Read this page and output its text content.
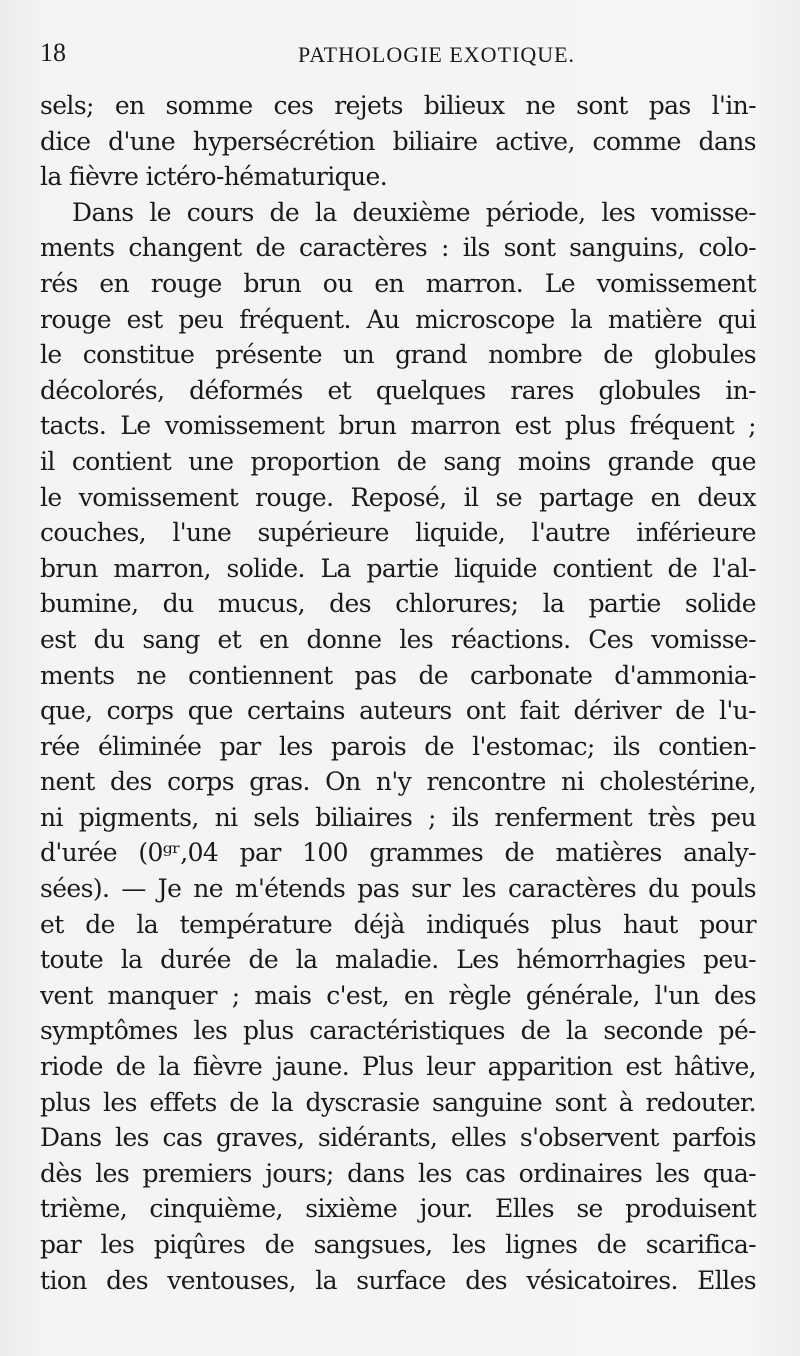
18	PATHOLOGIE EXOTIQUE.
sels; en somme ces rejets bilieux ne sont pas l'in-
dice d'une hypersécrétion biliaire active, comme dans
la fièvre ictéro-hématurique.
Dans le cours de la deuxième période, les vomisse-
ments changent de caractères : ils sont sanguins, colo-
rés en rouge brun ou en marron. Le vomissement
rouge est peu fréquent. Au microscope la matière qui
le constitue présente un grand nombre de globules
décolorés, déformés et quelques rares globules in-
tacts. Le vomissement brun marron est plus fréquent ;
il contient une proportion de sang moins grande que
le vomissement rouge. Reposé, il se partage en deux
couches, l'une supérieure liquide, l'autre inférieure
brun marron, solide. La partie liquide contient de l'al-
bumine, du mucus, des chlorures; la partie solide
est du sang et en donne les réactions. Ces vomisse-
ments ne contiennent pas de carbonate d'ammonia-
que, corps que certains auteurs ont fait dériver de l'u-
rée éliminée par les parois de l'estomac; ils contien-
nent des corps gras. On n'y rencontre ni cholestérine,
ni pigments, ni sels biliaires ; ils renferment très peu
d'urée (0ᵍʳ,04 par 100 grammes de matières analy-
sées). — Je ne m'étends pas sur les caractères du pouls
et de la température déjà indiqués plus haut pour
toute la durée de la maladie. Les hémorrhagies peu-
vent manquer ; mais c'est, en règle générale, l'un des
symptômes les plus caractéristiques de la seconde pé-
riode de la fièvre jaune. Plus leur apparition est hâtive,
plus les effets de la dyscrasie sanguine sont à redouter.
Dans les cas graves, sidérants, elles s'observent parfois
dès les premiers jours; dans les cas ordinaires les qua-
trième, cinquième, sixième jour. Elles se produisent
par les piqûres de sangsues, les lignes de scarifica-
tion des ventouses, la surface des vésicatoires. Elles
